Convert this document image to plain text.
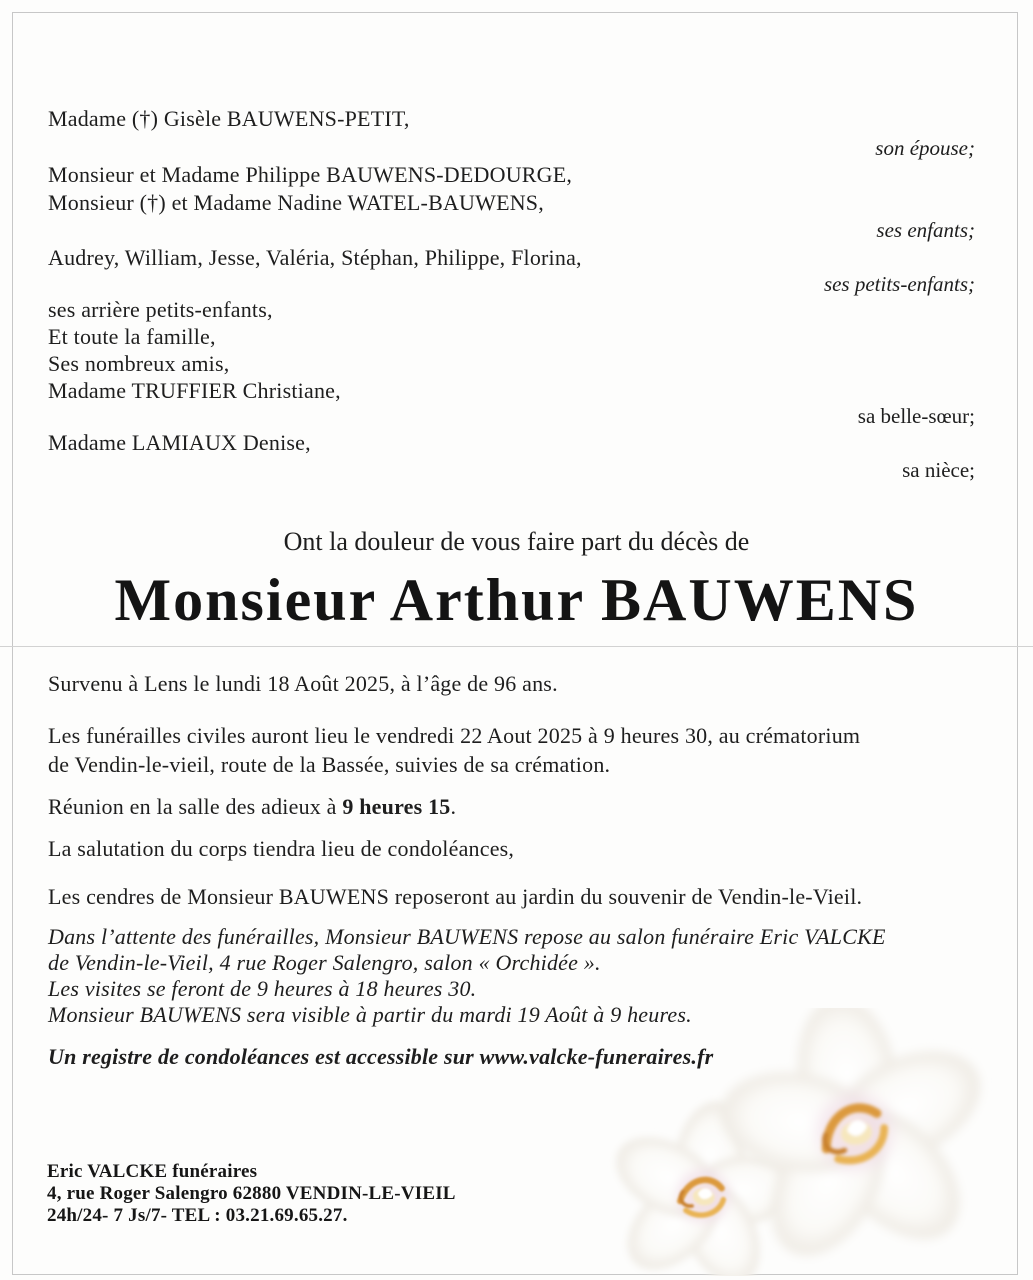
Madame (†) Gisèle BAUWENS-PETIT,
son épouse;
Monsieur et Madame Philippe BAUWENS-DEDOURGE,
Monsieur (†) et Madame Nadine WATEL-BAUWENS,
ses enfants;
Audrey, William, Jesse, Valéria, Stéphan, Philippe, Florina,
ses petits-enfants;
ses arrière petits-enfants,
Et toute la famille,
Ses nombreux amis,
Madame TRUFFIER Christiane,
sa belle-sœur;
Madame LAMIAUX Denise,
sa nièce;
Ont la douleur de vous faire part du décès de
Monsieur Arthur BAUWENS
Survenu à Lens le lundi 18 Août 2025, à l’âge de 96 ans.
Les funérailles civiles auront lieu le vendredi 22 Aout 2025 à 9 heures 30, au crématorium de Vendin-le-vieil, route de la Bassée, suivies de sa crémation.
Réunion en la salle des adieux à 9 heures 15.
La salutation du corps tiendra lieu de condoléances,
Les cendres de Monsieur BAUWENS reposeront au jardin du souvenir de Vendin-le-Vieil.
Dans l’attente des funérailles, Monsieur BAUWENS repose au salon funéraire Eric VALCKE
de Vendin-le-Vieil, 4 rue Roger Salengro, salon « Orchidée ».
Les visites se feront de 9 heures à 18 heures 30.
Monsieur BAUWENS sera visible à partir du mardi 19 Août à 9 heures.
Un registre de condoléances est accessible sur www.valcke-funeraires.fr
Eric VALCKE funéraires
4, rue Roger Salengro 62880 VENDIN-LE-VIEIL
24h/24- 7 Js/7- TEL : 03.21.69.65.27.
